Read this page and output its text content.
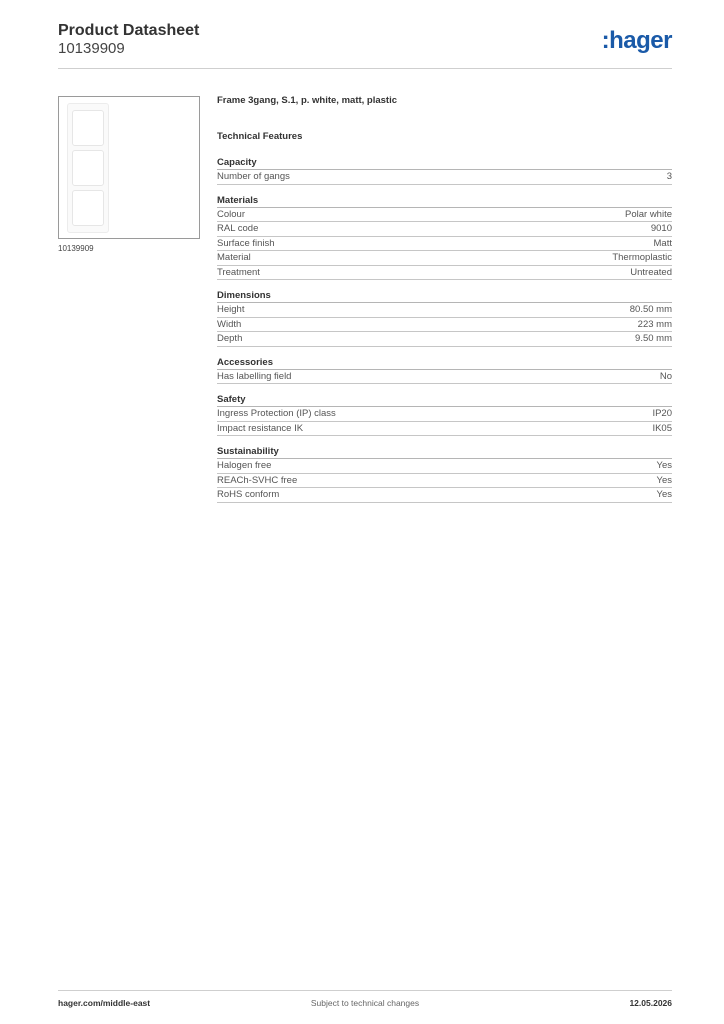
Product Datasheet
10139909	:hager
10139909
Frame 3gang, S.1, p. white, matt, plastic
Technical Features
Capacity
Number of gangs	3
Materials
Colour	Polar white
RAL code	9010
Surface finish	Matt
Material	Thermoplastic
Treatment	Untreated
Dimensions
Height	80.50 mm
Width	223 mm
Depth	9.50 mm
Accessories
Has labelling field	No
Safety
Ingress Protection (IP) class	IP20
Impact resistance IK	IK05
Sustainability
Halogen free	Yes
REACh-SVHC free	Yes
RoHS conform	Yes
hager.com/middle-east	Subject to technical changes	12.05.2026
